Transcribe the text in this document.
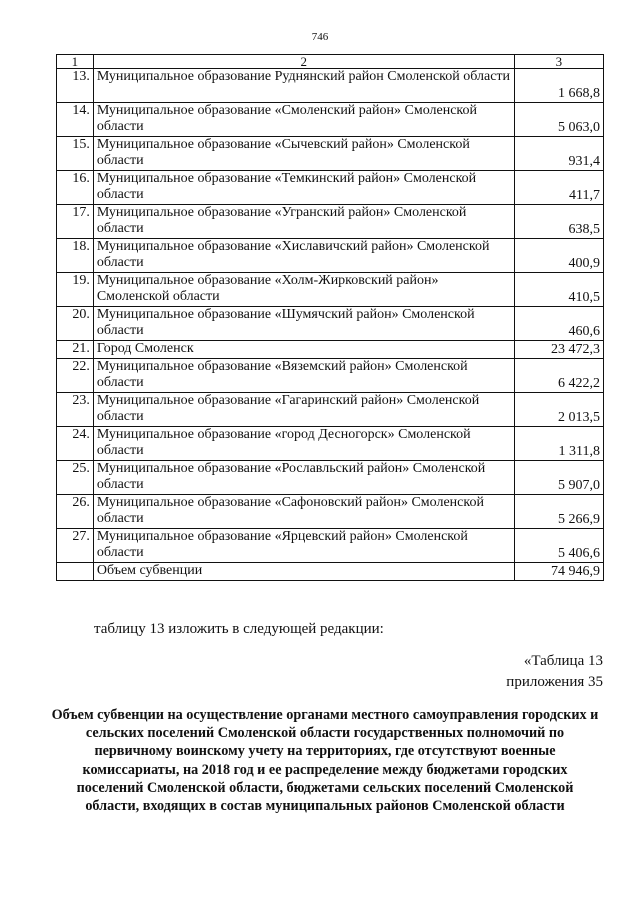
746
1	2	3
13.	Муниципальное образование Руднянский район Смоленской области	1 668,8
14.	Муниципальное образование «Смоленский район» Смоленской области	5 063,0
15.	Муниципальное образование «Сычевский район» Смоленской области	931,4
16.	Муниципальное образование «Темкинский район» Смоленской области	411,7
17.	Муниципальное образование «Угранский район» Смоленской области	638,5
18.	Муниципальное образование «Хиславичский район» Смоленской области	400,9
19.	Муниципальное образование «Холм-Жирковский район» Смоленской области	410,5
20.	Муниципальное образование «Шумячский район» Смоленской области	460,6
21.	Город Смоленск	23 472,3
22.	Муниципальное образование «Вяземский район» Смоленской области	6 422,2
23.	Муниципальное образование «Гагаринский район» Смоленской области	2 013,5
24.	Муниципальное образование «город Десногорск» Смоленской области	1 311,8
25.	Муниципальное образование «Рославльский район» Смоленской области	5 907,0
26.	Муниципальное образование «Сафоновский район» Смоленской области	5 266,9
27.	Муниципальное образование «Ярцевский район» Смоленской области	5 406,6
	Объем субвенции	74 946,9
таблицу 13 изложить в следующей редакции:
«Таблица 13
приложения 35
Объем субвенции на осуществление органами местного самоуправления городских и сельских поселений Смоленской области государственных полномочий по первичному воинскому учету на территориях, где отсутствуют военные комиссариаты, на 2018 год и ее распределение между бюджетами городских поселений Смоленской области, бюджетами сельских поселений Смоленской области, входящих в состав муниципальных районов Смоленской области
